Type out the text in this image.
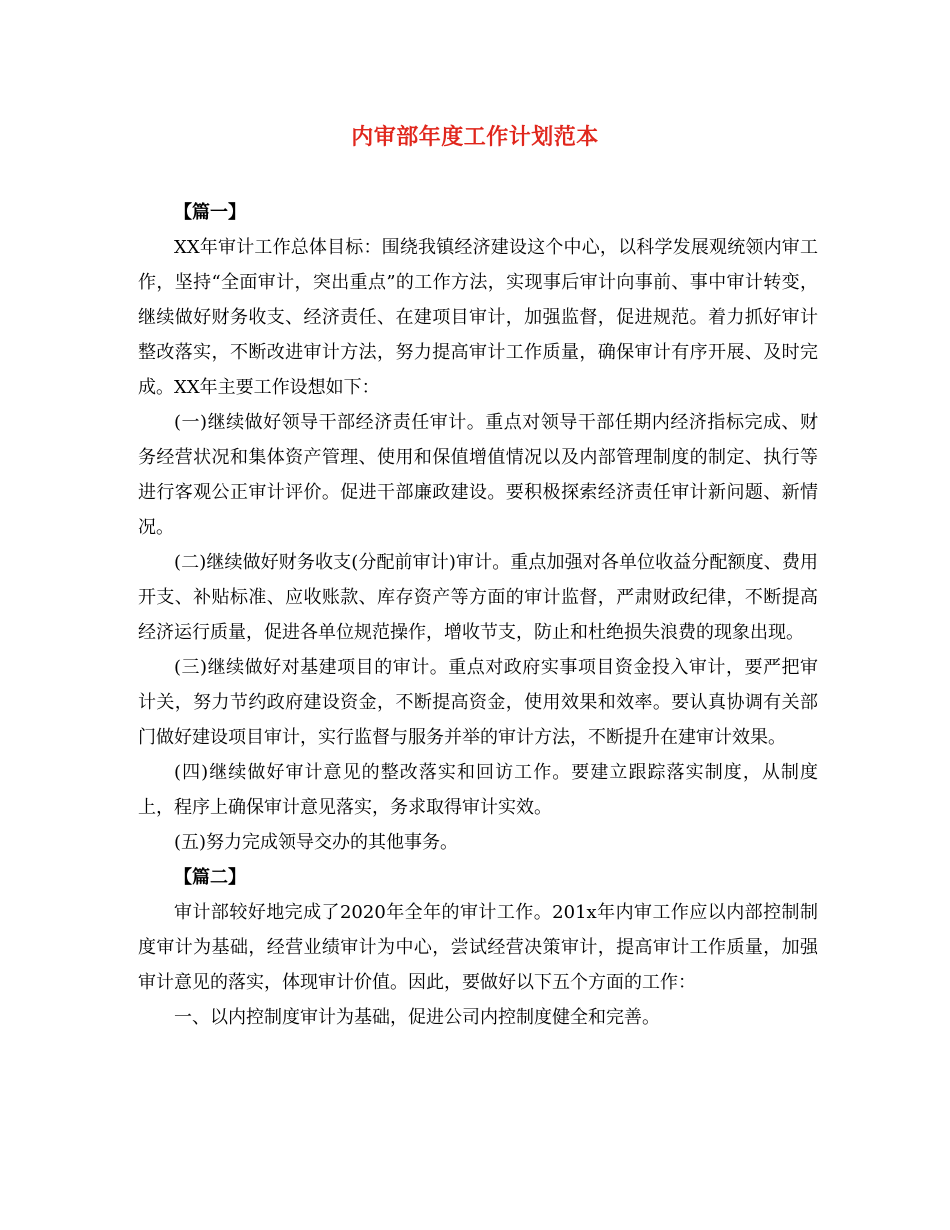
内审部年度工作计划范本

【篇一】

XX年审计工作总体目标：围绕我镇经济建设这个中心，以科学发展观统领内审工作，坚持“全面审计，突出重点”的工作方法，实现事后审计向事前、事中审计转变，继续做好财务收支、经济责任、在建项目审计，加强监督，促进规范。着力抓好审计整改落实，不断改进审计方法，努力提高审计工作质量，确保审计有序开展、及时完成。XX年主要工作设想如下：

(一)继续做好领导干部经济责任审计。重点对领导干部任期内经济指标完成、财务经营状况和集体资产管理、使用和保值增值情况以及内部管理制度的制定、执行等进行客观公正审计评价。促进干部廉政建设。要积极探索经济责任审计新问题、新情况。

(二)继续做好财务收支(分配前审计)审计。重点加强对各单位收益分配额度、费用开支、补贴标准、应收账款、库存资产等方面的审计监督，严肃财政纪律，不断提高经济运行质量，促进各单位规范操作，增收节支，防止和杜绝损失浪费的现象出现。

(三)继续做好对基建项目的审计。重点对政府实事项目资金投入审计，要严把审计关，努力节约政府建设资金，不断提高资金，使用效果和效率。要认真协调有关部门做好建设项目审计，实行监督与服务并举的审计方法，不断提升在建审计效果。

(四)继续做好审计意见的整改落实和回访工作。要建立跟踪落实制度，从制度上，程序上确保审计意见落实，务求取得审计实效。

(五)努力完成领导交办的其他事务。

【篇二】

审计部较好地完成了2020年全年的审计工作。201x年内审工作应以内部控制制度审计为基础，经营业绩审计为中心，尝试经营决策审计，提高审计工作质量，加强审计意见的落实，体现审计价值。因此，要做好以下五个方面的工作：

一、以内控制度审计为基础，促进公司内控制度健全和完善。
